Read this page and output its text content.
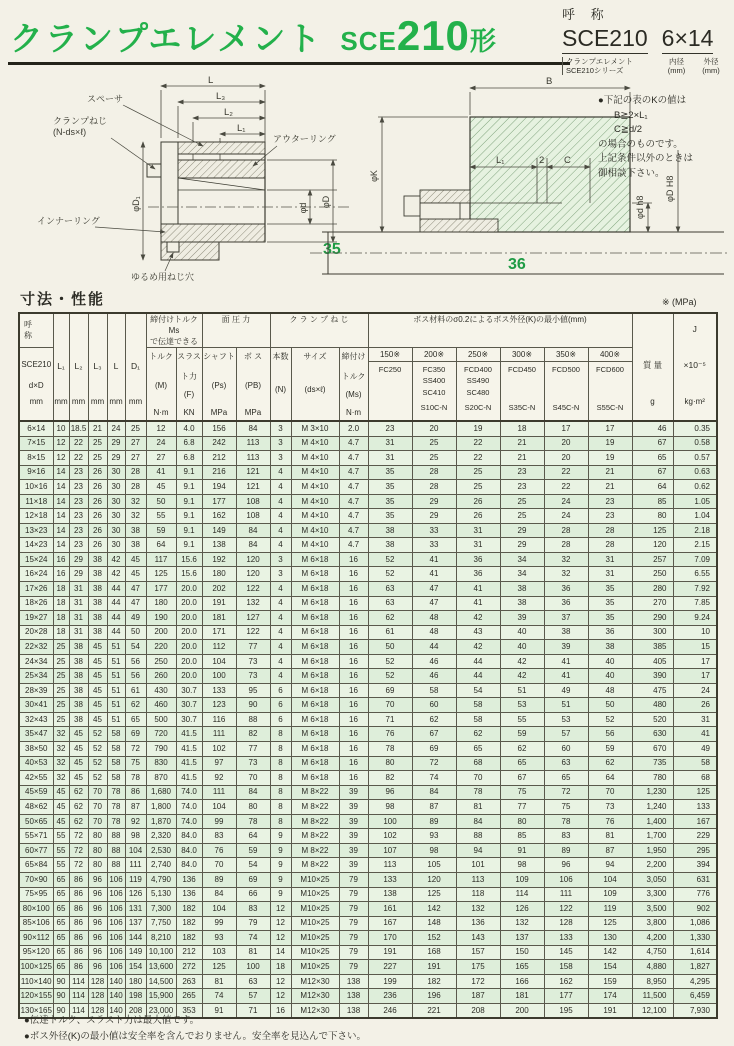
クランプエレメント SCE210形
呼 称
SCE210 6×14
クランプエレメント
SCE210シリーズ
内径
(mm)
外径
(mm)
●下記の表のKの値は
B≧2×L₁
C≧d/2
の場合のものです。
上記条件以外のときは
御相談下さい。
L
L₃
L₂
L₁
φD₁	φd φD
スペーサ
クランプねじ
(N-ds×ℓ)
アウターリング
インナーリング
ゆるめ用ねじ穴
35
B
φK
L₁	2 C
φd h8
φD H8
36
寸法・性能	※ (MPa)
呼 称
SCE210
d×D
mm

L₁
mm

L₂
mm

L₃
mm

L
mm

D₁
mm

締付けトルクMs
で伝達できる
	面 圧 力	ク ラ ン プ ね じ	ボス材料のσ0.2によるボス外径(K)の最小値(mm)	
質 量
g

J
×10⁻⁵
kg·m²

トルク
(M)
N·m

スラス
ト力
(F)
KN

シャフト
(Ps)
MPa

ボ ス
(PB)
MPa

本数
(N)

サイズ
(ds×ℓ)

締付け
トルク
(Ms)
N·m

150※
FC250

200※
FC350
SS400
SC410
S10C-N

250※
FCD400
SS490
SC480
S20C-N

300※
FCD450
S35C-N

350※
FCD500
S45C-N

400※
FCD600
S55C-N

6×14	10	18.5	21	24	25	12	4.0	156	84	3	M 3×10	2.0	23	20	19	18	17	17	46	0.35
7×15	12	22	25	29	27	24	6.8	242	113	3	M 4×10	4.7	31	25	22	21	20	19	67	0.58
8×15	12	22	25	29	27	27	6.8	212	113	3	M 4×10	4.7	31	25	22	21	20	19	65	0.57
9×16	14	23	26	30	28	41	9.1	216	121	4	M 4×10	4.7	35	28	25	23	22	21	67	0.63
10×16	14	23	26	30	28	45	9.1	194	121	4	M 4×10	4.7	35	28	25	23	22	21	64	0.62
11×18	14	23	26	30	32	50	9.1	177	108	4	M 4×10	4.7	35	29	26	25	24	23	85	1.05
12×18	14	23	26	30	32	55	9.1	162	108	4	M 4×10	4.7	35	29	26	25	24	23	80	1.04
13×23	14	23	26	30	38	59	9.1	149	84	4	M 4×10	4.7	38	33	31	29	28	28	125	2.18
14×23	14	23	26	30	38	64	9.1	138	84	4	M 4×10	4.7	38	33	31	29	28	28	120	2.15
15×24	16	29	38	42	45	117	15.6	192	120	3	M 6×18	16	52	41	36	34	32	31	257	7.09
16×24	16	29	38	42	45	125	15.6	180	120	3	M 6×18	16	52	41	36	34	32	31	250	6.55
17×26	18	31	38	44	47	177	20.0	202	122	4	M 6×18	16	63	47	41	38	36	35	280	7.92
18×26	18	31	38	44	47	180	20.0	191	132	4	M 6×18	16	63	47	41	38	36	35	270	7.85
19×27	18	31	38	44	49	190	20.0	181	127	4	M 6×18	16	62	48	42	39	37	35	290	9.24
20×28	18	31	38	44	50	200	20.0	171	122	4	M 6×18	16	61	48	43	40	38	36	300	10
22×32	25	38	45	51	54	220	20.0	112	77	4	M 6×18	16	50	44	42	40	39	38	385	15
24×34	25	38	45	51	56	250	20.0	104	73	4	M 6×18	16	52	46	44	42	41	40	405	17
25×34	25	38	45	51	56	260	20.0	100	73	4	M 6×18	16	52	46	44	42	41	40	390	17
28×39	25	38	45	51	61	430	30.7	133	95	6	M 6×18	16	69	58	54	51	49	48	475	24
30×41	25	38	45	51	62	460	30.7	123	90	6	M 6×18	16	70	60	58	53	51	50	480	26
32×43	25	38	45	51	65	500	30.7	116	88	6	M 6×18	16	71	62	58	55	53	52	520	31
35×47	32	45	52	58	69	720	41.5	111	82	8	M 6×18	16	76	67	62	59	57	56	630	41
38×50	32	45	52	58	72	790	41.5	102	77	8	M 6×18	16	78	69	65	62	60	59	670	49
40×53	32	45	52	58	75	830	41.5	97	73	8	M 6×18	16	80	72	68	65	63	62	735	58
42×55	32	45	52	58	78	870	41.5	92	70	8	M 6×18	16	82	74	70	67	65	64	780	68
45×59	45	62	70	78	86	1,680	74.0	111	84	8	M 8×22	39	96	84	78	75	72	70	1,230	125
48×62	45	62	70	78	87	1,800	74.0	104	80	8	M 8×22	39	98	87	81	77	75	73	1,240	133
50×65	45	62	70	78	92	1,870	74.0	99	78	8	M 8×22	39	100	89	84	80	78	76	1,400	167
55×71	55	72	80	88	98	2,320	84.0	83	64	9	M 8×22	39	102	93	88	85	83	81	1,700	229
60×77	55	72	80	88	104	2,530	84.0	76	59	9	M 8×22	39	107	98	94	91	89	87	1,950	295
65×84	55	72	80	88	111	2,740	84.0	70	54	9	M 8×22	39	113	105	101	98	96	94	2,200	394
70×90	65	86	96	106	119	4,790	136	89	69	9	M10×25	79	133	120	113	109	106	104	3,050	631
75×95	65	86	96	106	126	5,130	136	84	66	9	M10×25	79	138	125	118	114	111	109	3,300	776
80×100	65	86	96	106	131	7,300	182	104	83	12	M10×25	79	161	142	132	126	122	119	3,500	902
85×106	65	86	96	106	137	7,750	182	99	79	12	M10×25	79	167	148	136	132	128	125	3,800	1,086
90×112	65	86	96	106	144	8,210	182	93	74	12	M10×25	79	170	152	143	137	133	130	4,200	1,330
95×120	65	86	96	106	149	10,100	212	103	81	14	M10×25	79	191	168	157	150	145	142	4,750	1,614
100×125	65	86	96	106	154	13,600	272	125	100	18	M10×25	79	227	191	175	165	158	154	4,880	1,827
110×140	90	114	128	140	180	14,500	263	81	63	12	M12×30	138	199	182	172	166	162	159	8,950	4,295
120×155	90	114	128	140	198	15,900	265	74	57	12	M12×30	138	236	196	187	181	177	174	11,500	6,459
130×165	90	114	128	140	208	23,000	353	91	71	16	M12×30	138	246	221	208	200	195	191	12,100	7,930
●伝達トルク、スラスト力は最大値です。
●ボス外径(K)の最小値は安全率を含んでおりません。安全率を見込んで下さい。
